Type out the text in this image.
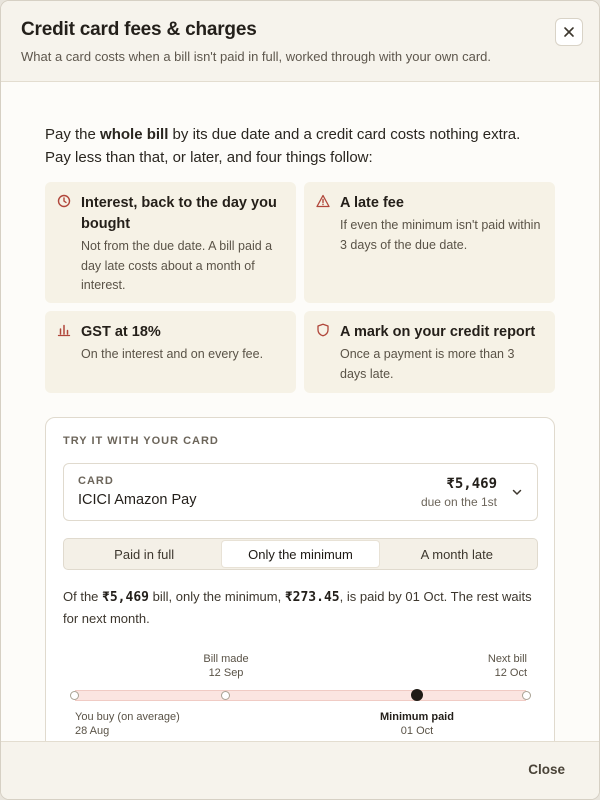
Credit card fees & charges
What a card costs when a bill isn't paid in full, worked through with your own card.

Pay the whole bill by its due date and a credit card costs nothing extra. Pay less than that, or later, and four things follow:

Interest, back to the day you bought
Not from the due date. A bill paid a day late costs about a month of interest.
A late fee
If even the minimum isn't paid within 3 days of the due date.
GST at 18%
On the interest and on every fee.
A mark on your credit report
Once a payment is more than 3 days late.
TRY IT WITH YOUR CARD
CARD
ICICI Amazon Pay
₹5,469
due on the 1st
Paid in full	Only the minimum	A month late

Of the ₹5,469 bill, only the minimum, ₹273.45, is paid by 01 Oct. The rest waits for next month.

Bill made
12 Sep
Next bill
12 Oct
You buy (on average)
28 Aug
Minimum paid
01 Oct
Close
